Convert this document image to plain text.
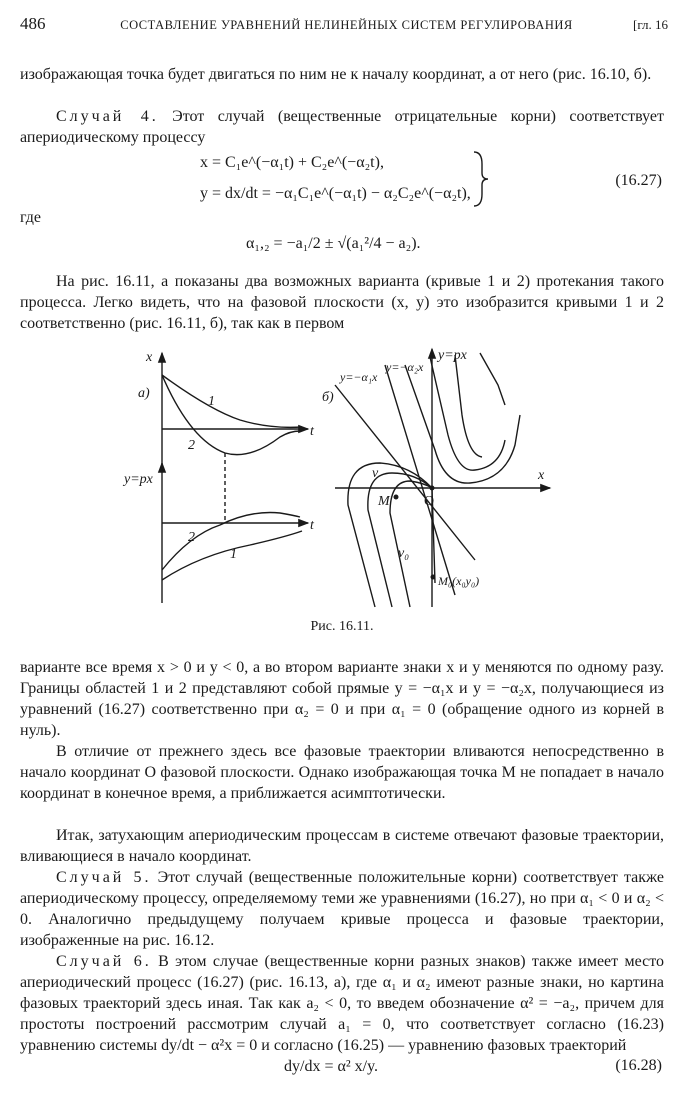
486	СОСТАВЛЕНИЕ УРАВНЕНИЙ НЕЛИНЕЙНЫХ СИСТЕМ РЕГУЛИРОВАНИЯ	[гл. 16

изображающая точка будет двигаться по ним не к началу координат, а от него (рис. 16.10, б).

Случай 4. Этот случай (вещественные отрицательные корни) соответствует апериодическому процессу

x = C₁e^(−α₁t) + C₂e^(−α₂t),
y = dx/dt = −α₁C₁e^(−α₁t) − α₂C₂e^(−α₂t),
(16.27)
где
α₁,₂ = −a₁/2 ± √(a₁²/4 − a₂).

На рис. 16.11, а показаны два возможных варианта (кривые 1 и 2) протекания такого процесса. Легко видеть, что на фазовой плоскости (x, y) это изобразится кривыми 1 и 2 соответственно (рис. 16.11, б), так как в первом

x
а)
t
1
2
y=px
t
2
1
y=px
б)
y=−α₁x
y=−α₂x
x
O
M
v
v₀
M₀(x₀y₀)
Рис. 16.11.

варианте все время x > 0 и y < 0, а во втором варианте знаки x и y меняются по одному разу. Границы областей 1 и 2 представляют собой прямые y = −α₁x и y = −α₂x, получающиеся из уравнений (16.27) соответственно при α₂ = 0 и при α₁ = 0 (обращение одного из корней в нуль).

В отличие от прежнего здесь все фазовые траектории вливаются непосредственно в начало координат O фазовой плоскости. Однако изображающая точка M не попадает в начало координат в конечное время, а приближается асимптотически.

Итак, затухающим апериодическим процессам в системе отвечают фазовые траектории, вливающиеся в начало координат.

Случай 5. Этот случай (вещественные положительные корни) соответствует также апериодическому процессу, определяемому теми же уравнениями (16.27), но при α₁ < 0 и α₂ < 0. Аналогично предыдущему получаем кривые процесса и фазовые траектории, изображенные на рис. 16.12.

Случай 6. В этом случае (вещественные корни разных знаков) также имеет место апериодический процесс (16.27) (рис. 16.13, а), где α₁ и α₂ имеют разные знаки, но картина фазовых траекторий здесь иная. Так как a₂ < 0, то введем обозначение α² = −a₂, причем для простоты построений рассмотрим случай a₁ = 0, что соответствует согласно (16.23) уравнению системы dy/dt − α²x = 0 и согласно (16.25) — уравнению фазовых траекторий

dy/dx = α² x/y.	(16.28)
